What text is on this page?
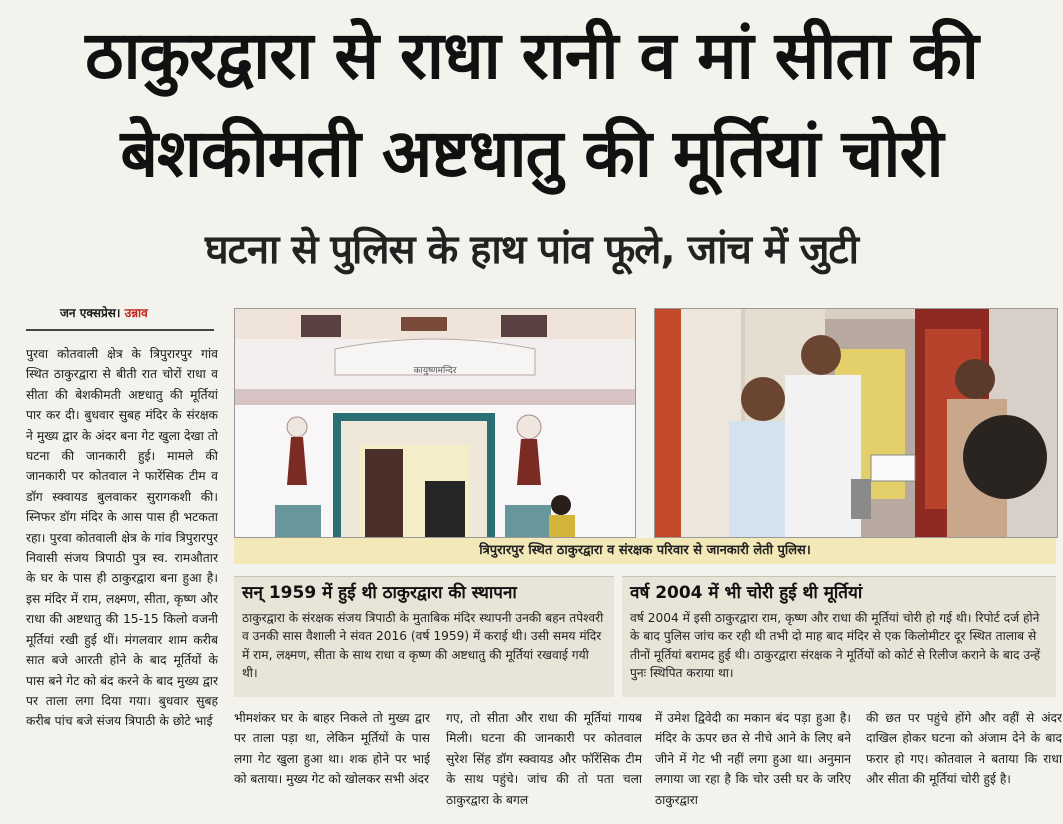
ठाकुरद्वारा से राधा रानी व मां सीता की
बेशकीमती अष्टधातु की मूर्तियां चोरी
घटना से पुलिस के हाथ पांव फूले, जांच में जुटी
जन एक्सप्रेस। उन्नाव
पुरवा कोतवाली क्षेत्र के त्रिपुरारपुर गांव स्थित ठाकुरद्वारा से बीती रात चोरों राधा व सीता की बेशकीमती अष्टधातु की मूर्तियां पार कर दी। बुधवार सुबह मंदिर के संरक्षक ने मुख्य द्वार के अंदर बना गेट खुला देखा तो घटना की जानकारी हुई। मामले की जानकारी पर कोतवाल ने फारेंसिक टीम व डॉग स्क्वायड बुलवाकर सुरागकशी की। स्निफर डॉग मंदिर के आस पास ही भटकता रहा। पुरवा कोतवाली क्षेत्र के गांव त्रिपुरारपुर निवासी संजय त्रिपाठी पुत्र स्व. रामऔतार के घर के पास ही ठाकुरद्वारा बना हुआ है। इस मंदिर में राम, लक्ष्मण, सीता, कृष्ण और राधा की अष्टधातु की 15-15 किलो वजनी मूर्तियां रखी हुई थीं। मंगलवार शाम करीब सात बजे आरती होने के बाद मूर्तियों के पास बने गेट को बंद करने के बाद मुख्य द्वार पर ताला लगा दिया गया। बुधवार सुबह करीब पांच बजे संजय त्रिपाठी के छोटे भाई
कायुष्णमन्दिर
त्रिपुरारपुर स्थित ठाकुरद्वारा व संरक्षक परिवार से जानकारी लेती पुलिस।
सन् 1959 में हुई थी ठाकुरद्वारा की स्थापना

ठाकुरद्वारा के संरक्षक संजय त्रिपाठी के मुताबिक मंदिर स्थापनी उनकी बहन तपेश्वरी व उनकी सास वैशाली ने संवत 2016 (वर्ष 1959) में कराई थी। उसी समय मंदिर में राम, लक्ष्मण, सीता के साथ राधा व कृष्ण की अष्टधातु की मूर्तियां रखवाई गयी थी।

वर्ष 2004 में भी चोरी हुई थी मूर्तियां

वर्ष 2004 में इसी ठाकुरद्वारा राम, कृष्ण और राधा की मूर्तियां चोरी हो गई थी। रिपोर्ट दर्ज होने के बाद पुलिस जांच कर रही थी तभी दो माह बाद मंदिर से एक किलोमीटर दूर स्थित तालाब से तीनों मूर्तियां बरामद हुई थी। ठाकुरद्वारा संरक्षक ने मूर्तियों को कोर्ट से रिलीज कराने के बाद उन्हें पुनः स्थिपित कराया था।

भीमशंकर घर के बाहर निकले तो मुख्य द्वार पर ताला पड़ा था, लेकिन मूर्तियों के पास लगा गेट खुला हुआ था। शक होने पर भाई को बताया। मुख्य गेट को खोलकर सभी अंदर
गए, तो सीता और राधा की मूर्तियां गायब मिली। घटना की जानकारी पर कोतवाल सुरेश सिंह डॉग स्क्वायड और फॉरेंसिक टीम के साथ पहुंचे। जांच की तो पता चला ठाकुरद्वारा के बगल
में उमेश द्विवेदी का मकान बंद पड़ा हुआ है। मंदिर के ऊपर छत से नीचे आने के लिए बने जीने में गेट भी नहीं लगा हुआ था। अनुमान लगाया जा रहा है कि चोर उसी घर के जरिए ठाकुरद्वारा
की छत पर पहुंचे होंगे और वहीं से अंदर दाखिल होकर घटना को अंजाम देने के बाद फरार हो गए। कोतवाल ने बताया कि राधा और सीता की मूर्तियां चोरी हुई है।
